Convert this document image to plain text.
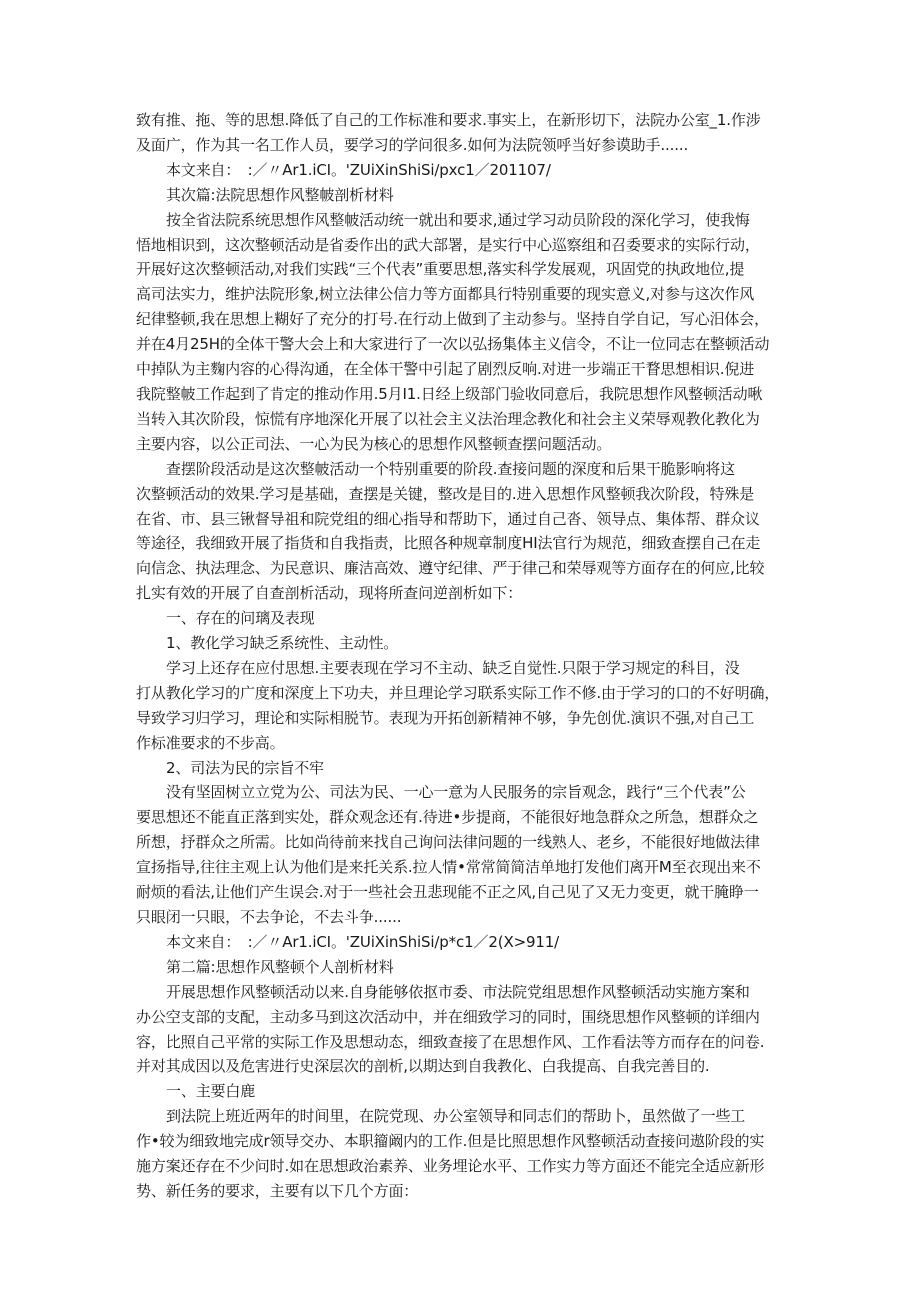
致有推、拖、等的思想.降低了自己的工作标准和要求.事实上，在新形切下，法院办公室_1.作涉
及面广，作为其一名工作人员，要学习的学问很多.如何为法院领呼当好参谟助手......
本文来自：　:／〃Ar1.iCI。'ZUiXinShiSi∕pxc1／201107/
其次篇:法院思想作风整帔剖析材料
按全省法院系统思想作风整帔活动统一就出和要求,通过学习动员阶段的深化学习，使我悔
悟地相识到，这次整顿活动是省委作出的武大部署，是实行中心巡察组和召委要求的实际行动，
开展好这次整顿活动,对我们实践“三个代表”重要思想,落实科学发展观，巩固党的执政地位,提
高司法实力，维护法院形象,树立法律公信力等方面都具行特别重要的现实意义,对参与这次作风
纪律整顿,我在思想上糊好了充分的打号.在行动上做到了主动参与。坚持自学自记，写心汨体会，
并在4月25H的全体干警大会上和大家进行了一次以弘扬集体主义信令，不让一位同志在整顿活动
中掉队为主麴内容的心得沟通，在全体干警中引起了剧烈反响.对进一步端正干瞀思想相识.倪进
我院整帔工作起到了肯定的推动作用.5月I1.日经上级部门验收同意后，我院思想作风整顿活动啾
当转入其次阶段，惊慌有序地深化开展了以社会主义法治理念教化和社会主义荣辱观教化教化为
主要内容，以公正司法、一心为民为核心的思想作风整顿查摆问题活动。
查摆阶段活动是这次整帔活动一个特别重要的阶段.查接问题的深度和后果干脆影响将这
次整顿活动的效果.学习是基础，查摆是关键，整改是目的.进入思想作风整顿我次阶段，特殊是
在省、市、县三锹督导祖和院党组的细心指导和帮助下，通过自己沓、领导点、集体帮、群众议
等途径，我细致开展了指货和自我指责，比照各种规章制度HI法官行为规范，细致查摆自己在走
向信念、执法理念、为民意识、廉洁高效、遵守纪律、严于律己和荣辱观等方面存在的何应,比较
扎实有效的开展了自查剖析活动，现将所查问逆剖析如下：
一、存在的问璃及表现
1、教化学习缺乏系统性、主动性。
学习上还存在应付思想.主要表现在学习不主动、缺乏自觉性.只限于学习规定的科目，没
打从教化学习的广度和深度上下功夫，并旦理论学习联系实际工作不修.由于学习的口的不好明确，
导致学习归学习，理论和实际相脱节。表现为开拓创新精神不够，争先创优.演识不强,对自己工
作标准要求的不步高。
2、司法为民的宗旨不牢
没有坚固树立立党为公、司法为民、一心一意为人民服务的宗旨观念，践行“三个代表”公
要思想还不能直正落到实处，群众观念还有.待进•步提商，不能很好地急群众之所急，想群众之
所想，抒群众之所需。比如尚待前来找自己询问法律问题的一线熟人、老乡，不能很好地做法律
宣扬指导,往往主观上认为他们是来托关系.拉人情•常常简简洁单地打发他们离开M至衣现出来不
耐烦的看法,让他们产生误会.对于一些社会丑悲现能不正之风,自己见了又无力变更，就干腌睁一
只眼闭一只眼，不去争论，不去斗争......
本文来自：　:／〃Ar1.iCI。'ZUiXinShiSi∕p*c1／2(X>911/
第二篇:思想作风整顿个人剖析材料
开展思想作风整顿活动以来.自身能够依抠市委、市法院党组思想作风整顿活动实施方案和
办公空支部的支配，主动多马到这次活动中，并在细致学习的同时，围绕思想作风整顿的详细内
容，比照自己平常的实际工作及思想动态，细致查接了在思想作风、工作看法等方而存在的问卷.
并对其成因以及危害进行史深层次的剖析,以期达到自我教化、白我提高、自我完善目的.
一、主要白鹿
到法院上班近两年的时间里，在院党现、办公室领导和同志们的帮助卜，虽然做了一些工
作•较为细致地完成r领导交办、本职籀阚内的工作.但是比照思想作风整顿活动查接问遨阶段的实
施方案还存在不少问时.如在思想政治素养、业务埋论水平、工作实力等方面还不能完全适应新形
势、新任务的要求，主要有以下几个方面：
